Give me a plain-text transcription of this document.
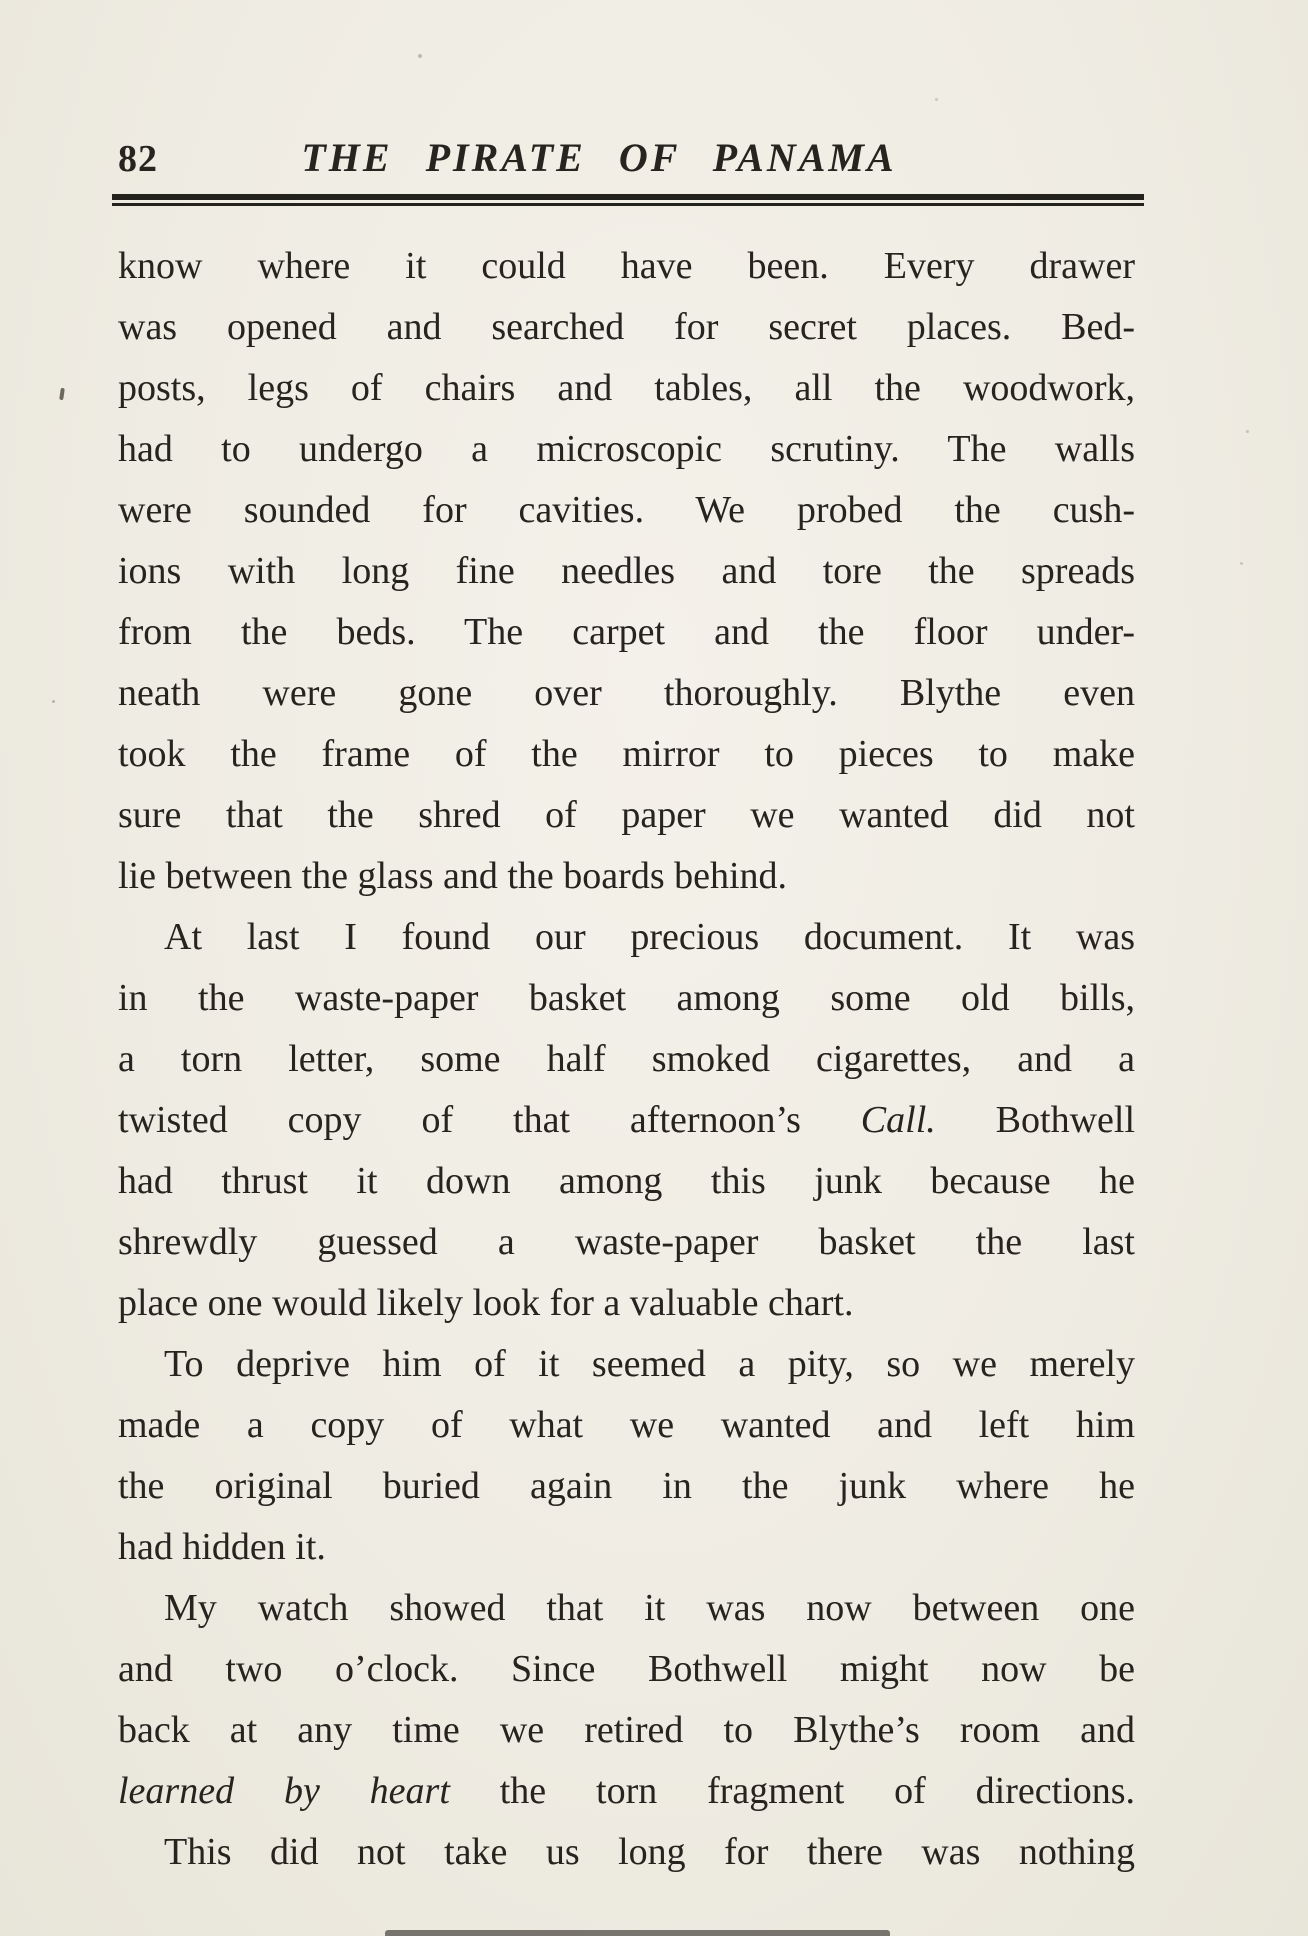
82	THE PIRATE OF PANAMA
know where it could have been. Every drawer
was opened and searched for secret places. Bed-
posts, legs of chairs and tables, all the woodwork,
had to undergo a microscopic scrutiny. The walls
were sounded for cavities. We probed the cush-
ions with long fine needles and tore the spreads
from the beds. The carpet and the floor under-
neath were gone over thoroughly. Blythe even
took the frame of the mirror to pieces to make
sure that the shred of paper we wanted did not
lie between the glass and the boards behind.
At last I found our precious document. It was
in the waste-paper basket among some old bills,
a torn letter, some half smoked cigarettes, and a
twisted copy of that afternoon’s Call. Bothwell
had thrust it down among this junk because he
shrewdly guessed a waste-paper basket the last
place one would likely look for a valuable chart.
To deprive him of it seemed a pity, so we merely
made a copy of what we wanted and left him
the original buried again in the junk where he
had hidden it.
My watch showed that it was now between one
and two o’clock. Since Bothwell might now be
back at any time we retired to Blythe’s room and
learned by heart the torn fragment of directions.
This did not take us long for there was nothing
